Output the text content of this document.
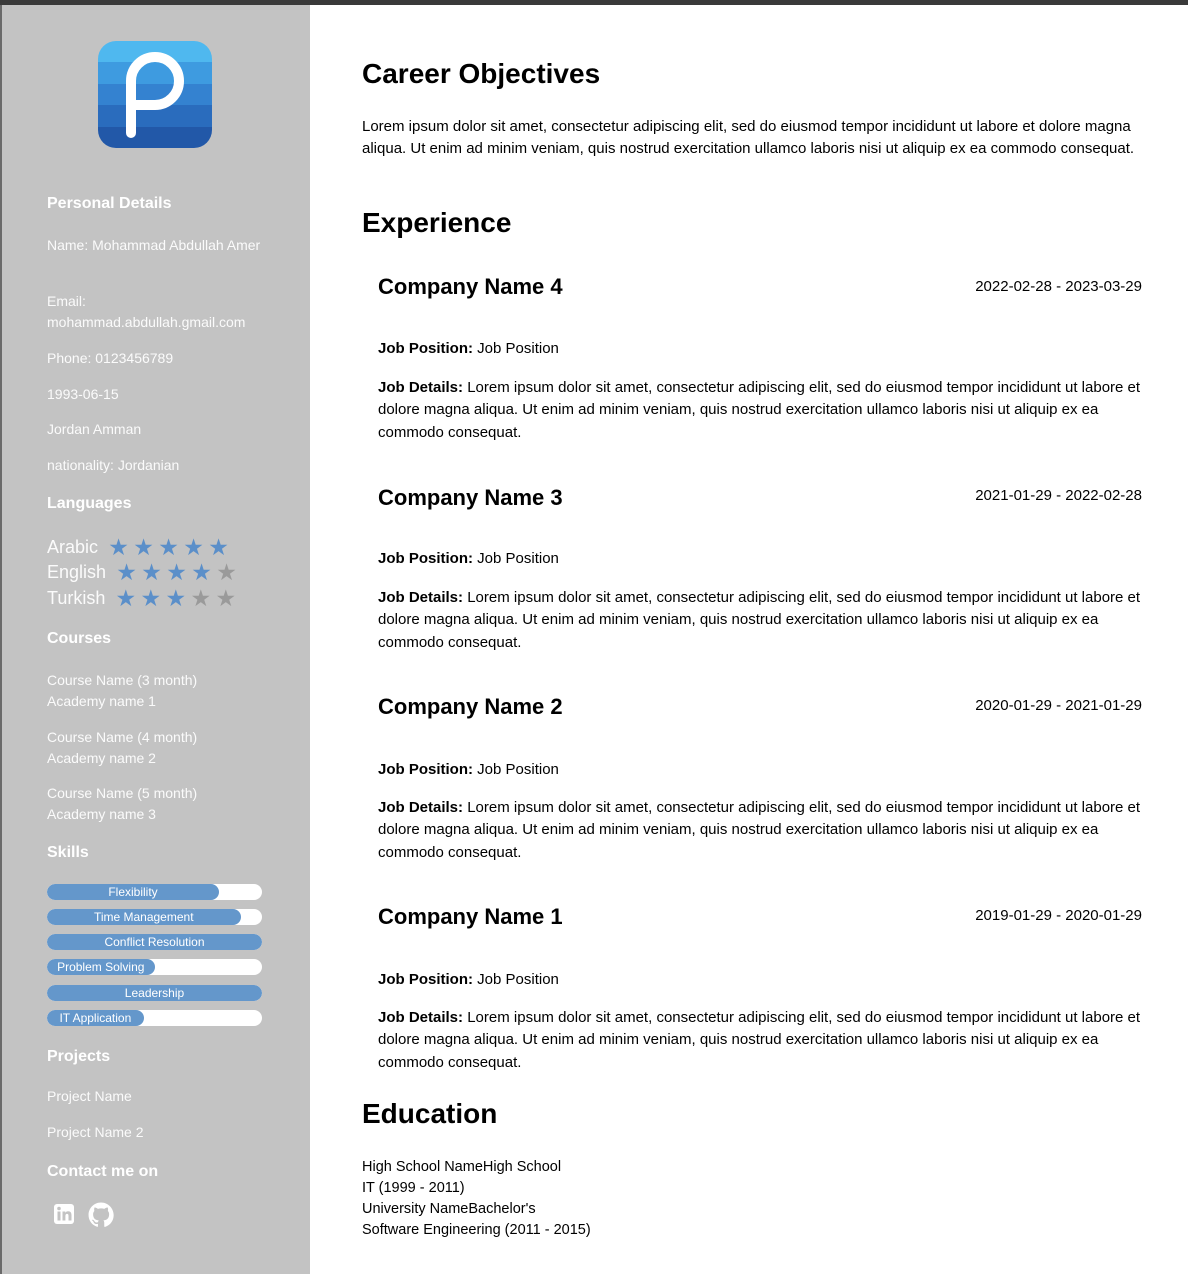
Personal Details
Name: Mohammad Abdullah Amer
Email:
mohammad.abdullah.gmail.com
Phone: 0123456789
1993-06-15
Jordan Amman
nationality: Jordanian
Languages
Arabic ★ ★ ★ ★ ★
English ★ ★ ★ ★ ★
Turkish ★ ★ ★ ★ ★
Courses
Course Name (3 month)
Academy name 1
Course Name (4 month)
Academy name 2
Course Name (5 month)
Academy name 3
Skills
Flexibility
Time Management
Conflict Resolution
Problem Solving
Leadership
IT Application
Projects
Project Name
Project Name 2
Contact me on
Career Objectives
Lorem ipsum dolor sit amet, consectetur adipiscing elit, sed do eiusmod tempor incididunt ut labore et dolore magna aliqua. Ut enim ad minim veniam, quis nostrud exercitation ullamco laboris nisi ut aliquip ex ea commodo consequat.
Experience
Company Name 4	2022-02-28 - 2023-03-29
Job Position: Job Position
Job Details: Lorem ipsum dolor sit amet, consectetur adipiscing elit, sed do eiusmod tempor incididunt ut labore et dolore magna aliqua. Ut enim ad minim veniam, quis nostrud exercitation ullamco laboris nisi ut aliquip ex ea commodo consequat.
Company Name 3	2021-01-29 - 2022-02-28
Job Position: Job Position
Job Details: Lorem ipsum dolor sit amet, consectetur adipiscing elit, sed do eiusmod tempor incididunt ut labore et dolore magna aliqua. Ut enim ad minim veniam, quis nostrud exercitation ullamco laboris nisi ut aliquip ex ea commodo consequat.
Company Name 2	2020-01-29 - 2021-01-29
Job Position: Job Position
Job Details: Lorem ipsum dolor sit amet, consectetur adipiscing elit, sed do eiusmod tempor incididunt ut labore et dolore magna aliqua. Ut enim ad minim veniam, quis nostrud exercitation ullamco laboris nisi ut aliquip ex ea commodo consequat.
Company Name 1	2019-01-29 - 2020-01-29
Job Position: Job Position
Job Details: Lorem ipsum dolor sit amet, consectetur adipiscing elit, sed do eiusmod tempor incididunt ut labore et dolore magna aliqua. Ut enim ad minim veniam, quis nostrud exercitation ullamco laboris nisi ut aliquip ex ea commodo consequat.
Education
High School NameHigh School
IT (1999 - 2011)
University NameBachelor's
Software Engineering (2011 - 2015)
